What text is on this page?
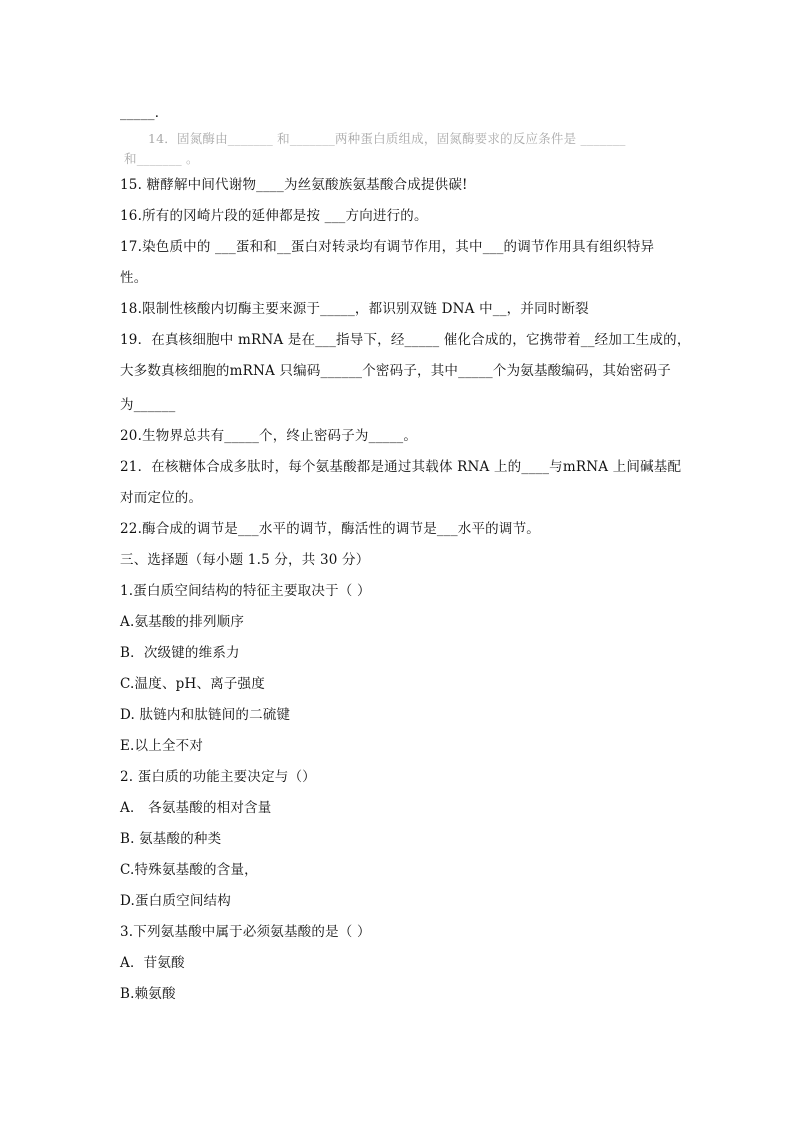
_____．
14．固氮酶由_______ 和_______两种蛋白质组成，固氮酶要求的反应条件是 _______
和_______ 。
15. 糖酵解中间代谢物____为丝氨酸族氨基酸合成提供碳!
16.所有的冈崎片段的延伸都是按 ___方向进行的。
17.染色质中的 ___蛋和和__蛋白对转录均有调节作用，其中___的调节作用具有组织特异
性。
18.限制性核酸内切酶主要来源于_____，都识别双链 DNA 中__，并同时断裂
19．在真核细胞中 mRNA 是在___指导下，经_____ 催化合成的，它携带着__经加工生成的，
大多数真核细胞的mRNA 只编码______个密码子，其中_____个为氨基酸编码，其始密码子
为______
20.生物界总共有_____个，终止密码子为_____。
21．在核糖体合成多肽时，每个氨基酸都是通过其载体 RNA 上的____与mRNA 上间碱基配
对而定位的。
22.酶合成的调节是___水平的调节，酶活性的调节是___水平的调节。
三、选择题（每小题 1.5 分，共 30 分）
1.蛋白质空间结构的特征主要取决于（ ）
A.氨基酸的排列顺序
B．次级键的维系力
C.温度、pH、离子强度
D. 肽链内和肽链间的二硫键
E.以上全不对
2. 蛋白质的功能主要决定与（）
A． 各氨基酸的相对含量
B. 氨基酸的种类
C.特殊氨基酸的含量，
D.蛋白质空间结构
3.下列氨基酸中属于必须氨基酸的是（ ）
A．苷氨酸
B.赖氨酸
